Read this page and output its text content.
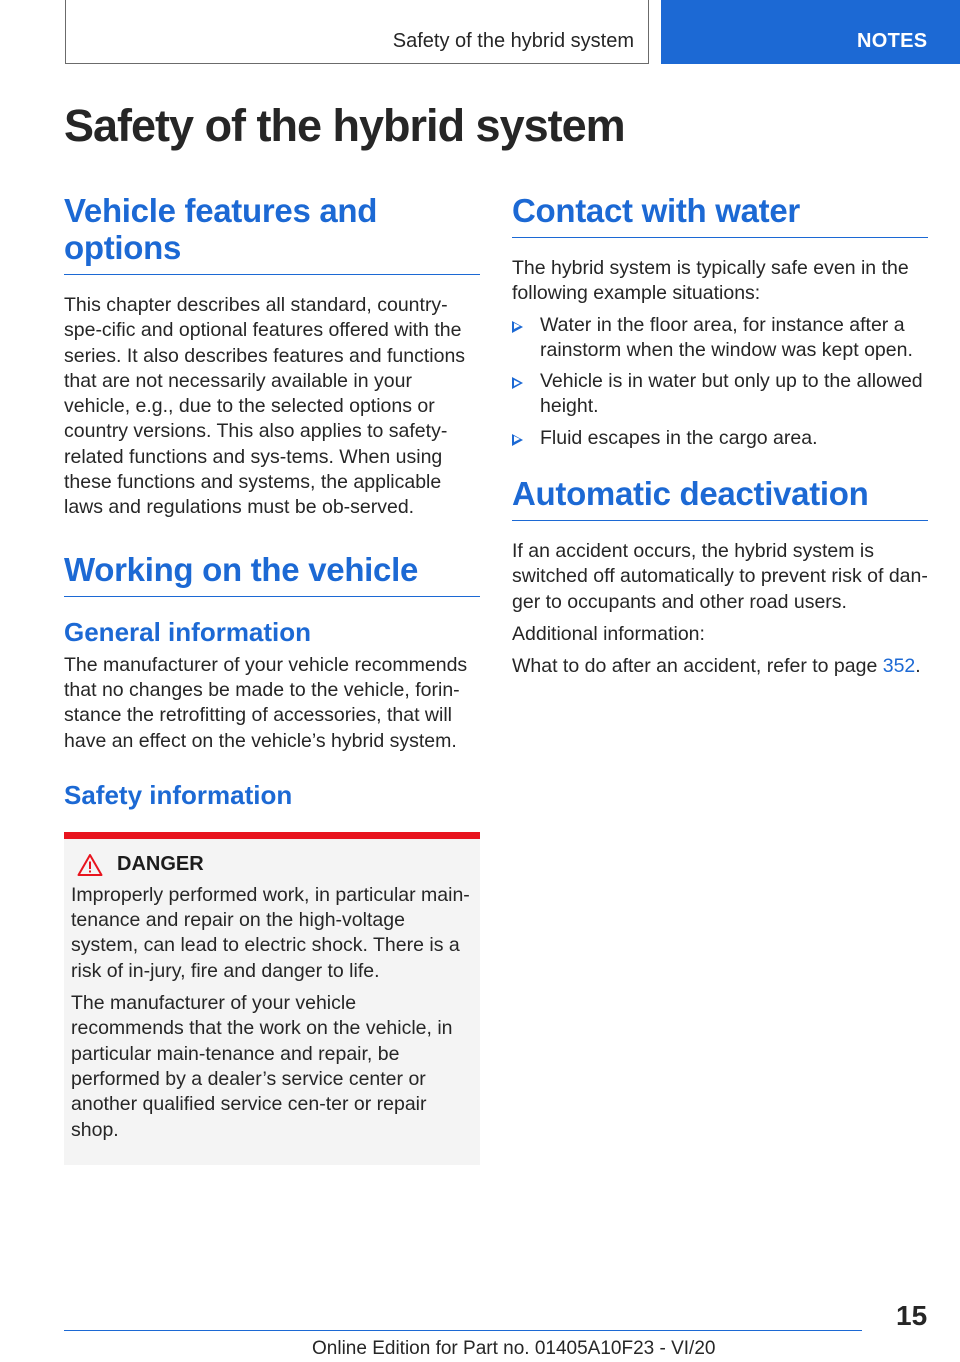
Safety of the hybrid system	NOTES
Safety of the hybrid system
Vehicle features and options

This chapter describes all standard, country-spe-cific and optional features offered with the series. It also describes features and functions that are not necessarily available in your vehicle, e.g., due to the selected options or country versions. This also applies to safety-related functions and sys-tems. When using these functions and systems, the applicable laws and regulations must be ob-served.

Working on the vehicle
General information

The manufacturer of your vehicle recommends that no changes be made to the vehicle, forin-stance the retrofitting of accessories, that will have an effect on the vehicle’s hybrid system.

Safety information
DANGER

Improperly performed work, in particular main-tenance and repair on the high-voltage system, can lead to electric shock. There is a risk of in-jury, fire and danger to life.

The manufacturer of your vehicle recommends that the work on the vehicle, in particular main-tenance and repair, be performed by a dealer’s service center or another qualified service cen-ter or repair shop.

Contact with water

The hybrid system is typically safe even in the following example situations:

Water in the floor area, for instance after a rainstorm when the window was kept open.
Vehicle is in water but only up to the allowed height.
Fluid escapes in the cargo area.
Automatic deactivation

If an accident occurs, the hybrid system is switched off automatically to prevent risk of dan-ger to occupants and other road users.

Additional information:

What to do after an accident, refer to page 352.

15
Online Edition for Part no. 01405A10F23 - VI/20
